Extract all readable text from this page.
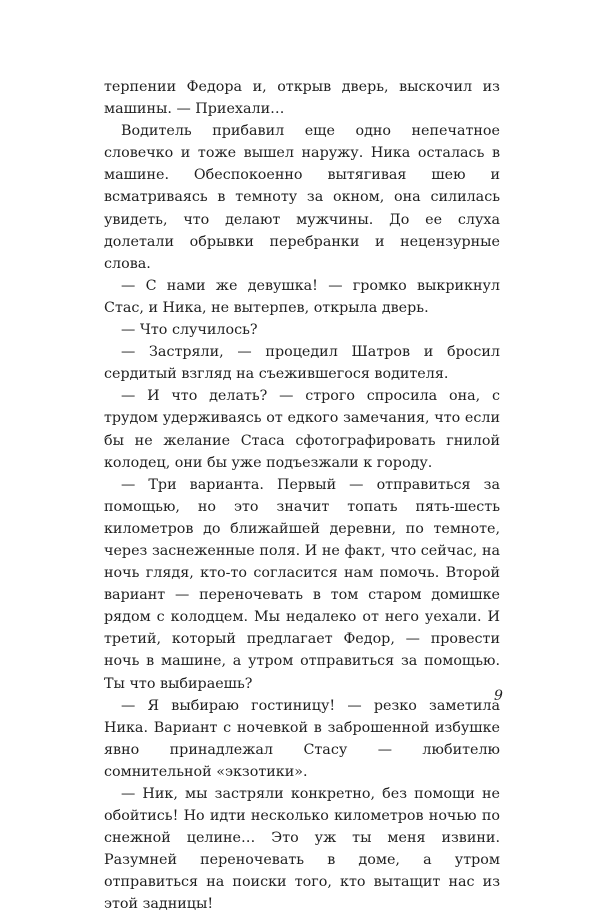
терпении Федора и, открыв дверь, выскочил из машины. — Приехали…

Водитель прибавил еще одно непечатное словечко и тоже вышел наружу. Ника осталась в машине. Обеспокоенно вытягивая шею и всматриваясь в темноту за окном, она силилась увидеть, что делают мужчины. До ее слуха долетали обрывки перебранки и нецензурные слова.

— С нами же девушка! — громко выкрикнул Стас, и Ника, не вытерпев, открыла дверь.

— Что случилось?

— Застряли, — процедил Шатров и бросил сердитый взгляд на съежившегося водителя.

— И что делать? — строго спросила она, с трудом удерживаясь от едкого замечания, что если бы не желание Стаса сфотографировать гнилой колодец, они бы уже подъезжали к городу.

— Три варианта. Первый — отправиться за помощью, но это значит топать пять-шесть километров до ближайшей деревни, по темноте, через заснеженные поля. И не факт, что сейчас, на ночь глядя, кто-то согласится нам помочь. Второй вариант — переночевать в том старом домишке рядом с колодцем. Мы недалеко от него уехали. И третий, который предлагает Федор, — провести ночь в машине, а утром отправиться за помощью. Ты что выбираешь?

— Я выбираю гостиницу! — резко заметила Ника. Вариант с ночевкой в заброшенной избушке явно принадлежал Стасу — любителю сомнительной «экзотики».

— Ник, мы застряли конкретно, без помощи не обойтись! Но идти несколько километров ночью по снежной целине… Это уж ты меня извини. Разумней переночевать в доме, а утром отправиться на поиски того, кто вытащит нас из этой задницы!

9
